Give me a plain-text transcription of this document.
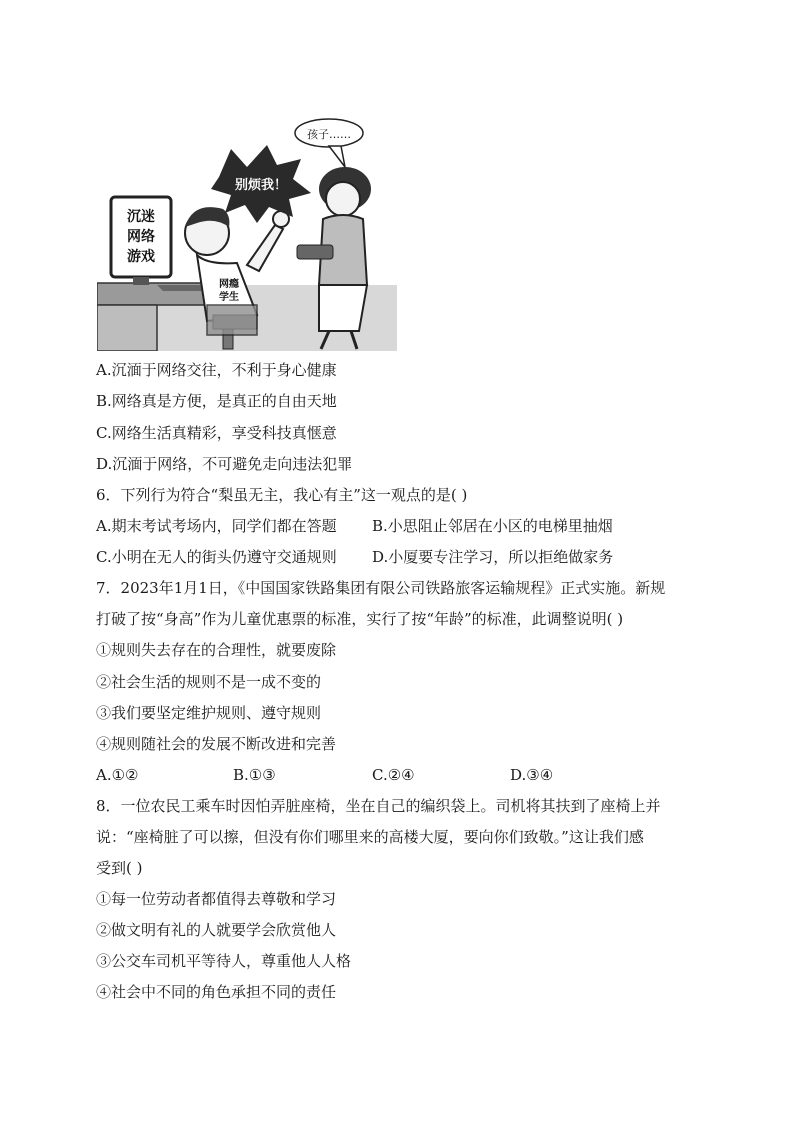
沉迷
网络
游戏
网瘾
学生
别烦我！
孩子……
A.沉湎于网络交往，不利于身心健康
B.网络真是方便，是真正的自由天地
C.网络生活真精彩，享受科技真惬意
D.沉湎于网络，不可避免走向违法犯罪
6．下列行为符合“梨虽无主，我心有主”这一观点的是( )
A.期末考试考场内，同学们都在答题 B.小思阻止邻居在小区的电梯里抽烟
C.小明在无人的街头仍遵守交通规则 D.小厦要专注学习，所以拒绝做家务
7．2023年1月1日，《中国国家铁路集团有限公司铁路旅客运输规程》正式实施。新规
打破了按“身高”作为儿童优惠票的标准，实行了按“年龄”的标准，此调整说明( )
①规则失去存在的合理性，就要废除
②社会生活的规则不是一成不变的
③我们要坚定维护规则、遵守规则
④规则随社会的发展不断改进和完善
A.①②	B.①③	C.②④	D.③④
8．一位农民工乘车时因怕弄脏座椅，坐在自己的编织袋上。司机将其扶到了座椅上并
说：“座椅脏了可以擦，但没有你们哪里来的高楼大厦，要向你们致敬。”这让我们感
受到( )
①每一位劳动者都值得去尊敬和学习
②做文明有礼的人就要学会欣赏他人
③公交车司机平等待人，尊重他人人格
④社会中不同的角色承担不同的责任
